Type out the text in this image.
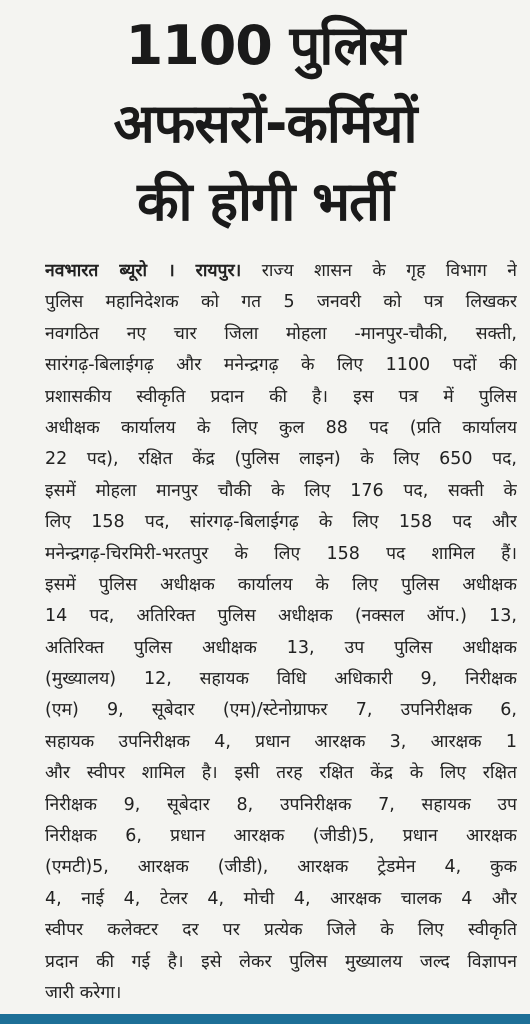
1100 पुलिस
अफसरों-कर्मियों
की होगी भर्ती
नवभारत ब्यूरो । रायपुर। राज्य शासन के गृह विभाग ने
पुलिस महानिदेशक को गत 5 जनवरी को पत्र लिखकर
नवगठित नए चार जिला मोहला -मानपुर-चौकी, सक्ती,
सारंगढ़-बिलाईगढ़ और मनेन्द्रगढ़ के लिए 1100 पदों की
प्रशासकीय स्वीकृति प्रदान की है। इस पत्र में पुलिस
अधीक्षक कार्यालय के लिए कुल 88 पद (प्रति कार्यालय
22 पद), रक्षित केंद्र (पुलिस लाइन) के लिए 650 पद,
इसमें मोहला मानपुर चौकी के लिए 176 पद, सक्ती के
लिए 158 पद, सांरगढ़-बिलाईगढ़ के लिए 158 पद और
मनेन्द्रगढ़-चिरमिरी-भरतपुर के लिए 158 पद शामिल हैं।
इसमें पुलिस अधीक्षक कार्यालय के लिए पुलिस अधीक्षक
14 पद, अतिरिक्त पुलिस अधीक्षक (नक्सल ऑप.) 13,
अतिरिक्त पुलिस अधीक्षक 13, उप पुलिस अधीक्षक
(मुख्यालय) 12, सहायक विधि अधिकारी 9, निरीक्षक
(एम) 9, सूबेदार (एम)/स्टेनोग्राफर 7, उपनिरीक्षक 6,
सहायक उपनिरीक्षक 4, प्रधान आरक्षक 3, आरक्षक 1
और स्वीपर शामिल है। इसी तरह रक्षित केंद्र के लिए रक्षित
निरीक्षक 9, सूबेदार 8, उपनिरीक्षक 7, सहायक उप
निरीक्षक 6, प्रधान आरक्षक (जीडी)5, प्रधान आरक्षक
(एमटी)5, आरक्षक (जीडी), आरक्षक ट्रेडमेन 4, कुक
4, नाई 4, टेलर 4, मोची 4, आरक्षक चालक 4 और
स्वीपर कलेक्टर दर पर प्रत्येक जिले के लिए स्वीकृति
प्रदान की गई है। इसे लेकर पुलिस मुख्यालय जल्द विज्ञापन
जारी करेगा।
